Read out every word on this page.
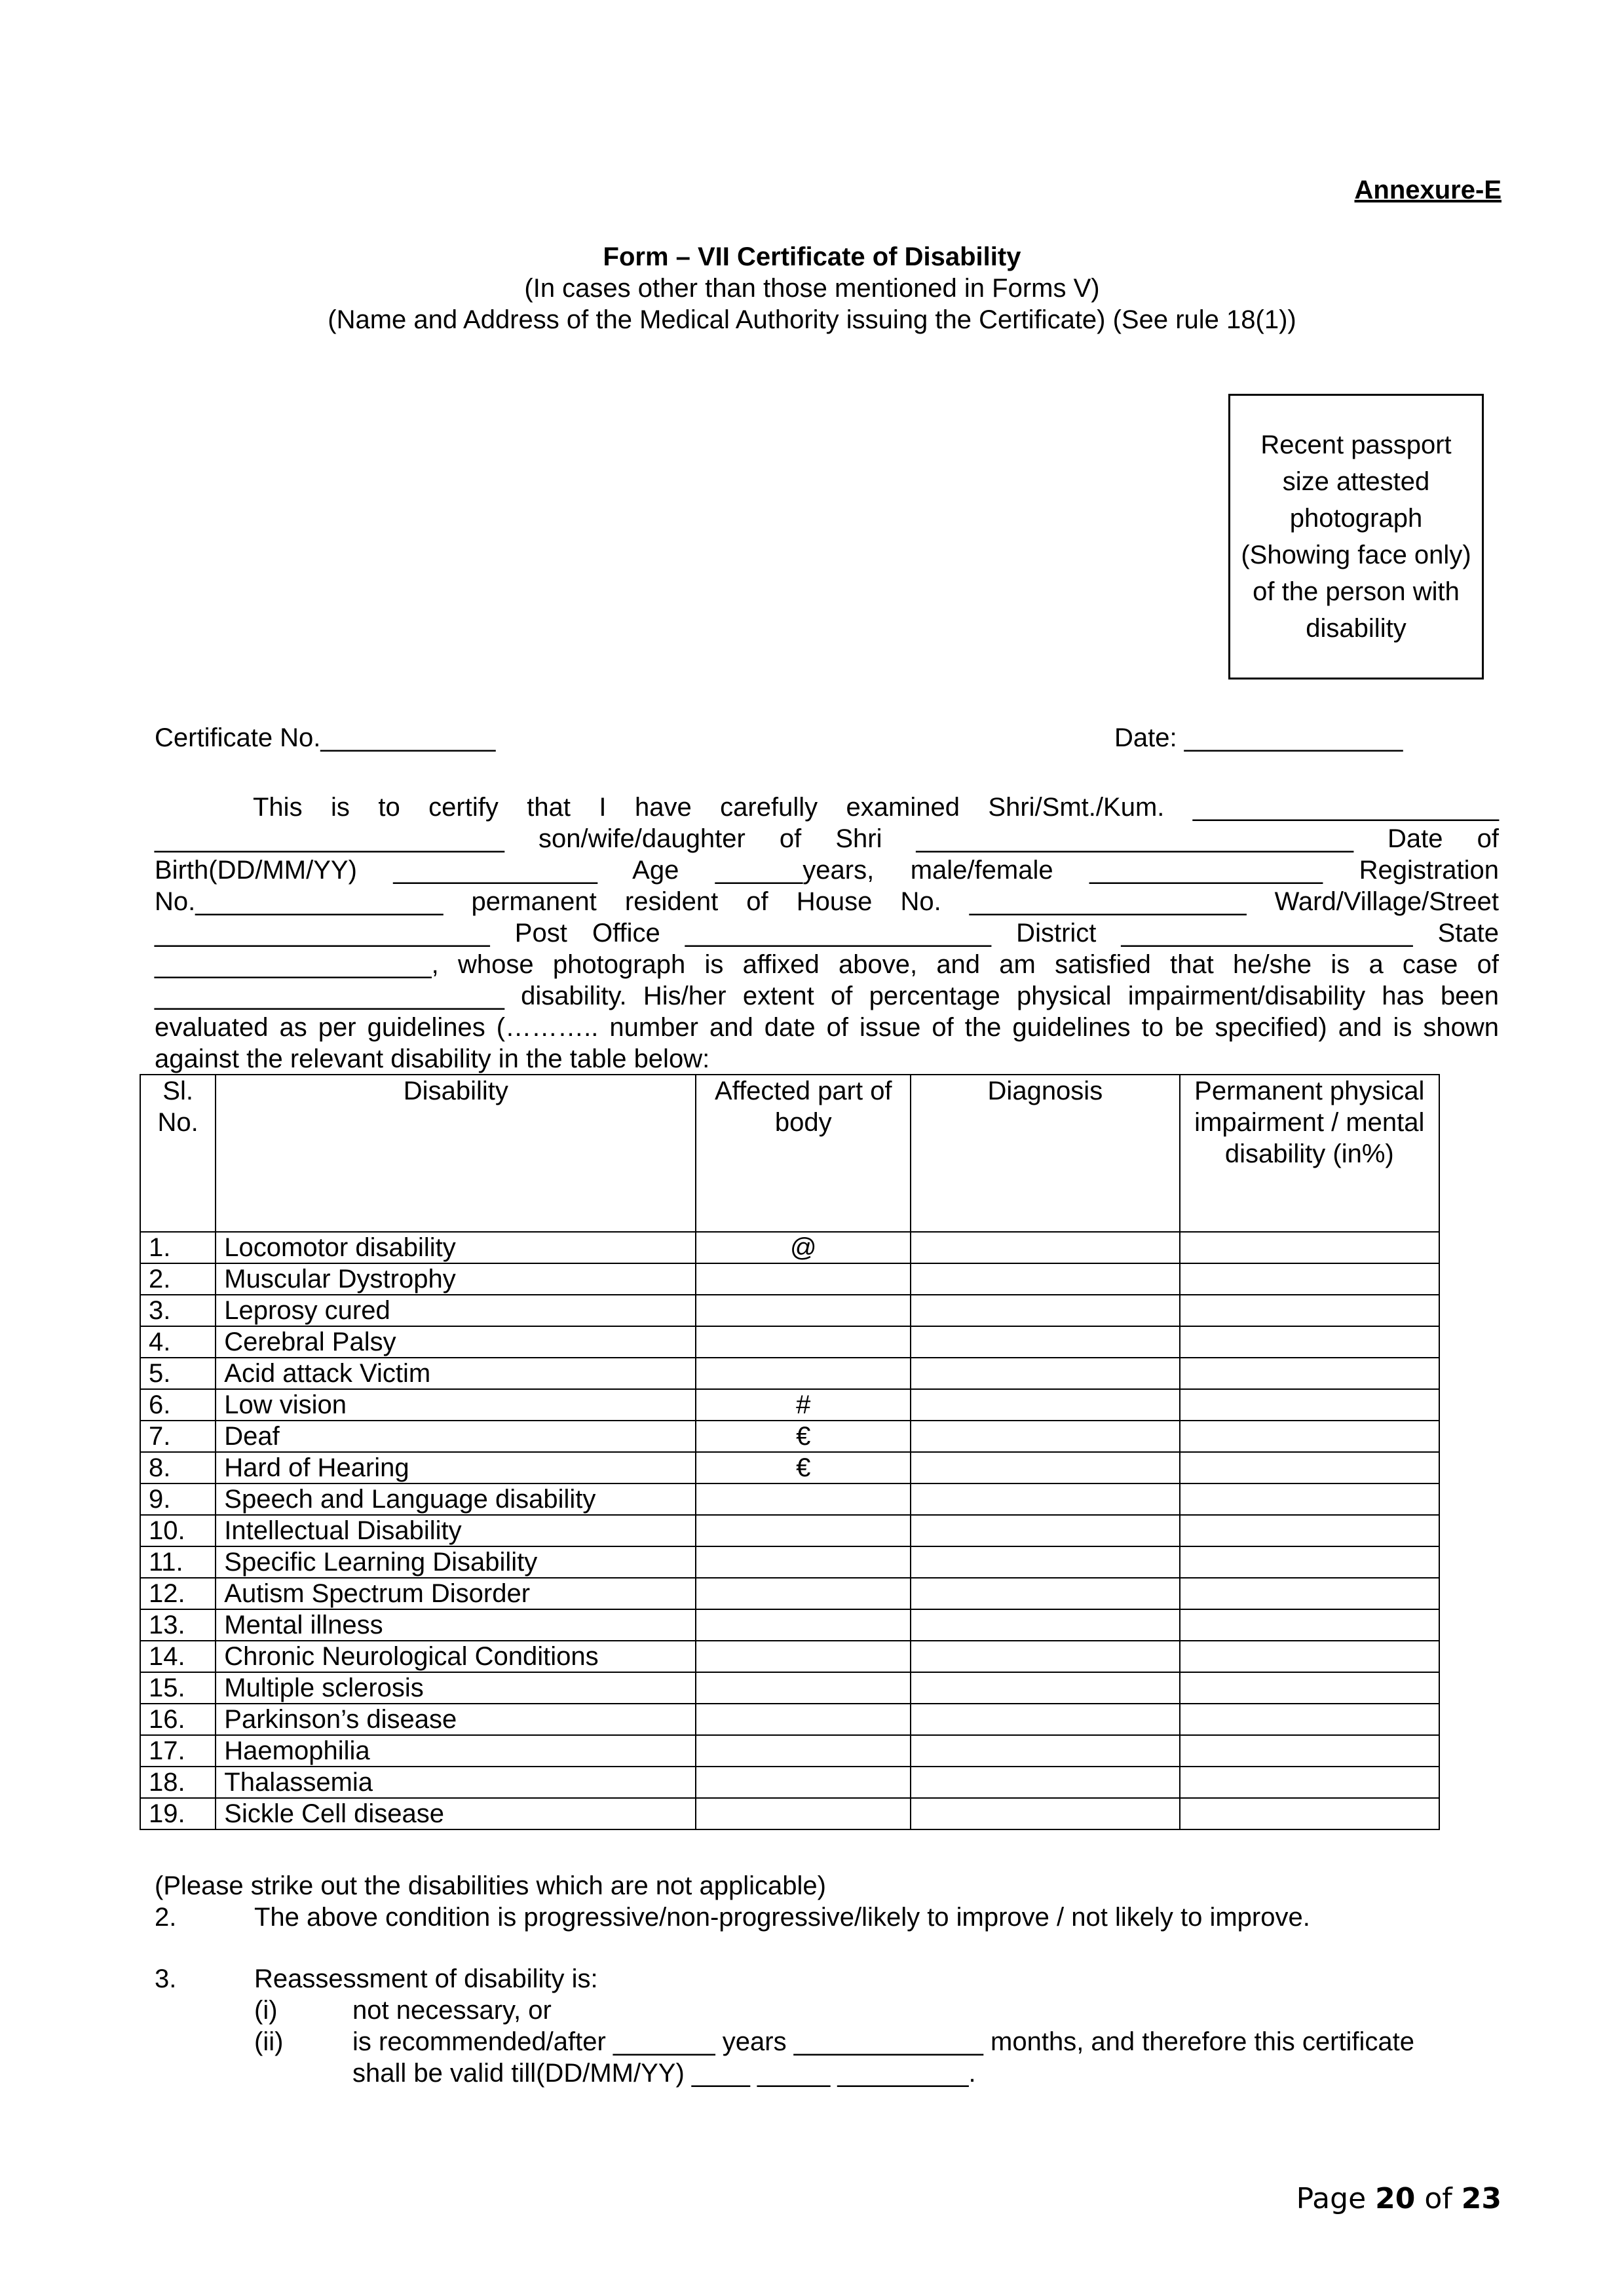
Annexure-E
Form – VII Certificate of Disability
(In cases other than those mentioned in Forms V)
(Name and Address of the Medical Authority issuing the Certificate) (See rule 18(1))
Recent passport size attested photograph (Showing face only) of the person with disability
Certificate No.____________	Date: _______________
This is to certify that I have carefully examined Shri/Smt./Kum. _____________________ ________________________ son/wife/daughter of Shri ______________________________ Date of Birth(DD/MM/YY) ______________ Age ______years, male/female ________________ Registration No._________________ permanent resident of House No. ___________________ Ward/Village/Street _______________________ Post Office _____________________ District ____________________ State ___________________, whose photograph is affixed above, and am satisfied that he/she is a case of ________________________ disability. His/her extent of percentage physical impairment/disability has been evaluated as per guidelines (……….. number and date of issue of the guidelines to be specified) and is shown against the relevant disability in the table below:
Sl. No.	Disability	Affected part of body	Diagnosis	Permanent physical impairment / mental disability (in%)
1.	Locomotor disability	@		
2.	Muscular Dystrophy			
3.	Leprosy cured			
4.	Cerebral Palsy			
5.	Acid attack Victim			
6.	Low vision	#		
7.	Deaf	€		
8.	Hard of Hearing	€		
9.	Speech and Language disability			
10.	Intellectual Disability			
11.	Specific Learning Disability			
12.	Autism Spectrum Disorder			
13.	Mental illness			
14.	Chronic Neurological Conditions			
15.	Multiple sclerosis			
16.	Parkinson’s disease			
17.	Haemophilia			
18.	Thalassemia			
19.	Sickle Cell disease			
(Please strike out the disabilities which are not applicable)
2.	The above condition is progressive/non-progressive/likely to improve / not likely to improve.
3.	Reassessment of disability is:
(i)	not necessary, or
(ii)	is recommended/after _______ years _____________ months, and therefore this certificate
shall be valid till(DD/MM/YY) ____ _____ _________.
Page 20 of 23
